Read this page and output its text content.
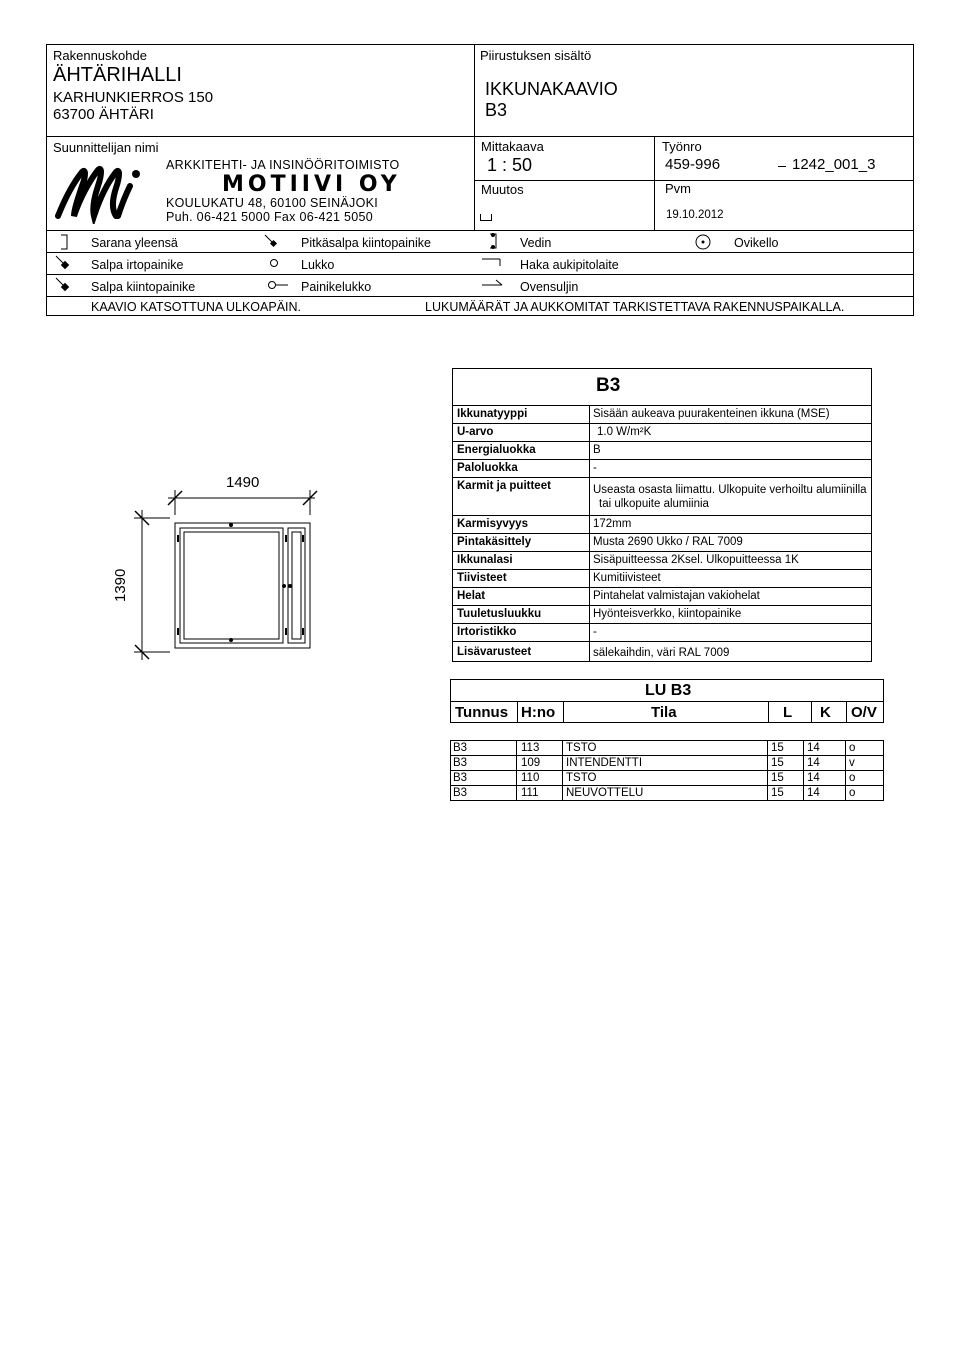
Rakennuskohde
ÄHTÄRIHALLI
KARHUNKIERROS 150
63700 ÄHTÄRI
Piirustuksen sisältö
IKKUNAKAAVIO
B3
Suunnittelijan nimi
ARKKITEHTI- JA INSINÖÖRITOIMISTO
MOTIIVI OY
KOULUKATU 48, 60100 SEINÄJOKI
Puh. 06-421 5000 Fax 06-421 5050
Mittakaava
1 : 50
Muutos
Työnro
459-996	1242_001_3
Pvm
19.10.2012
Sarana yleensä	Pitkäsalpa kiintopainike	Vedin	Ovikello
Salpa irtopainike	Lukko	Haka aukipitolaite
Salpa kiintopainike	Painikelukko	Ovensuljin
KAAVIO KATSOTTUNA ULKOAPÄIN.	LUKUMÄÄRÄT JA AUKKOMITAT TARKISTETTAVA RAKENNUSPAIKALLA.
1490
1390
B3
Ikkunatyyppi	Sisään aukeava puurakenteinen ikkuna (MSE)
U-arvo	1.0 W/m²K
Energialuokka	B
Paloluokka	-
Karmit ja puitteet	Useasta osasta liimattu. Ulkopuite verhoiltu alumiinilla
tai ulkopuite alumiinia
Karmisyvyys	172mm
Pintakäsittely	Musta 2690 Ukko / RAL 7009
Ikkunalasi	Sisäpuitteessa 2Ksel. Ulkopuitteessa 1K
Tiivisteet	Kumitiivisteet
Helat	Pintahelat valmistajan vakiohelat
Tuuletusluukku	Hyönteisverkko, kiintopainike
Irtoristikko	-
Lisävarusteet	sälekaihdin, väri RAL 7009
LU B3
Tunnus H:no	Tila	L K O/V
B3	113 TSTO	15 14	o
B3	109 INTENDENTTI	15 14	v
B3	110 TSTO	15 14	o
B3	111 NEUVOTTELU	15 14	o
